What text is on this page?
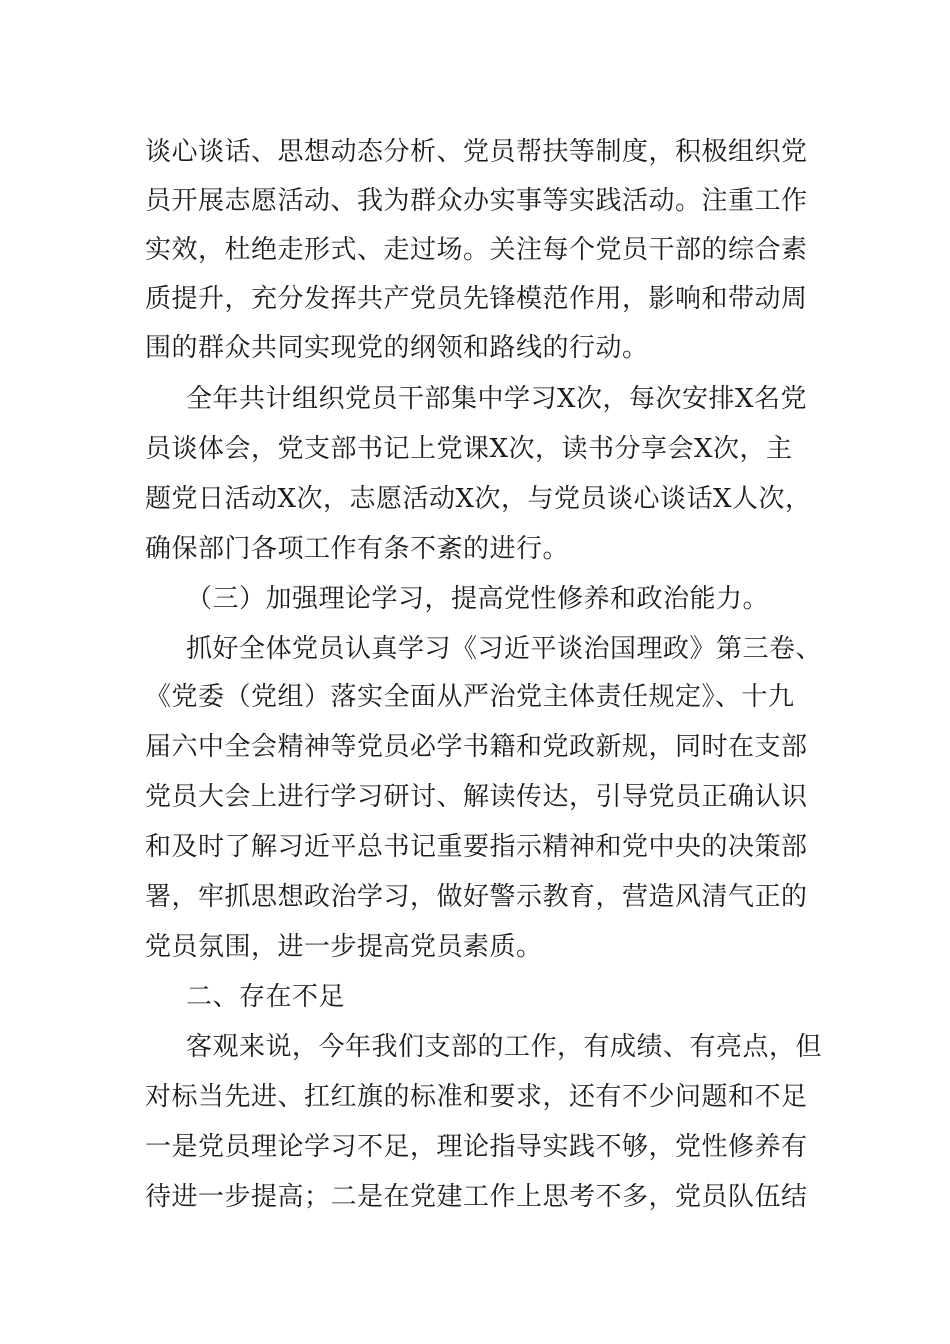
谈心谈话、思想动态分析、党员帮扶等制度，积极组织党
员开展志愿活动、我为群众办实事等实践活动。注重工作
实效，杜绝走形式、走过场。关注每个党员干部的综合素
质提升，充分发挥共产党员先锋模范作用，影响和带动周
围的群众共同实现党的纲领和路线的行动。
全年共计组织党员干部集中学习X次，每次安排X名党
员谈体会，党支部书记上党课X次，读书分享会X次，主
题党日活动X次，志愿活动X次，与党员谈心谈话X人次，
确保部门各项工作有条不紊的进行。
（三）加强理论学习，提高党性修养和政治能力。
抓好全体党员认真学习《习近平谈治国理政》第三卷、
《党委（党组）落实全面从严治党主体责任规定》、十九
届六中全会精神等党员必学书籍和党政新规，同时在支部
党员大会上进行学习研讨、解读传达，引导党员正确认识
和及时了解习近平总书记重要指示精神和党中央的决策部
署，牢抓思想政治学习，做好警示教育，营造风清气正的
党员氛围，进一步提高党员素质。
二、存在不足
客观来说，今年我们支部的工作，有成绩、有亮点，但
对标当先进、扛红旗的标准和要求，还有不少问题和不足
一是党员理论学习不足，理论指导实践不够，党性修养有
待进一步提高；二是在党建工作上思考不多，党员队伍结
